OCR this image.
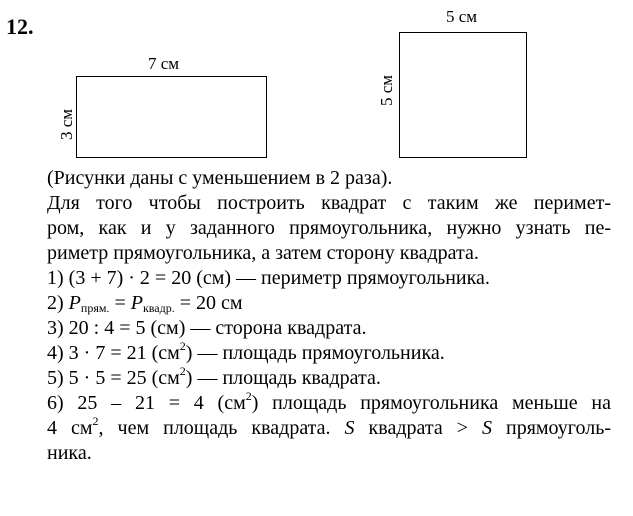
12.
7 см
3 см
5 см
5 см
(Рисунки даны с уменьшением в 2 раза).
Для того чтобы построить квадрат с таким же перимет-
ром, как и у заданного прямоугольника, нужно узнать пе-
риметр прямоугольника, а затем сторону квадрата.
1) (3 + 7) · 2 = 20 (см) — периметр прямоугольника.
2) $P_{прям.} = P_{квадр.} = 20$ см
3) 20 : 4 = 5 (см) — сторона квадрата.
4) 3 · 7 = 21 $(см^2)$ — площадь прямоугольника.
5) 5 · 5 = 25 $(см^2)$ — площадь квадрата.
6) 25 – 21 = 4 $(см^2)$ площадь прямоугольника меньше на
4 $см^2$, чем площадь квадрата. S квадрата > S прямоуголь-
ника.
